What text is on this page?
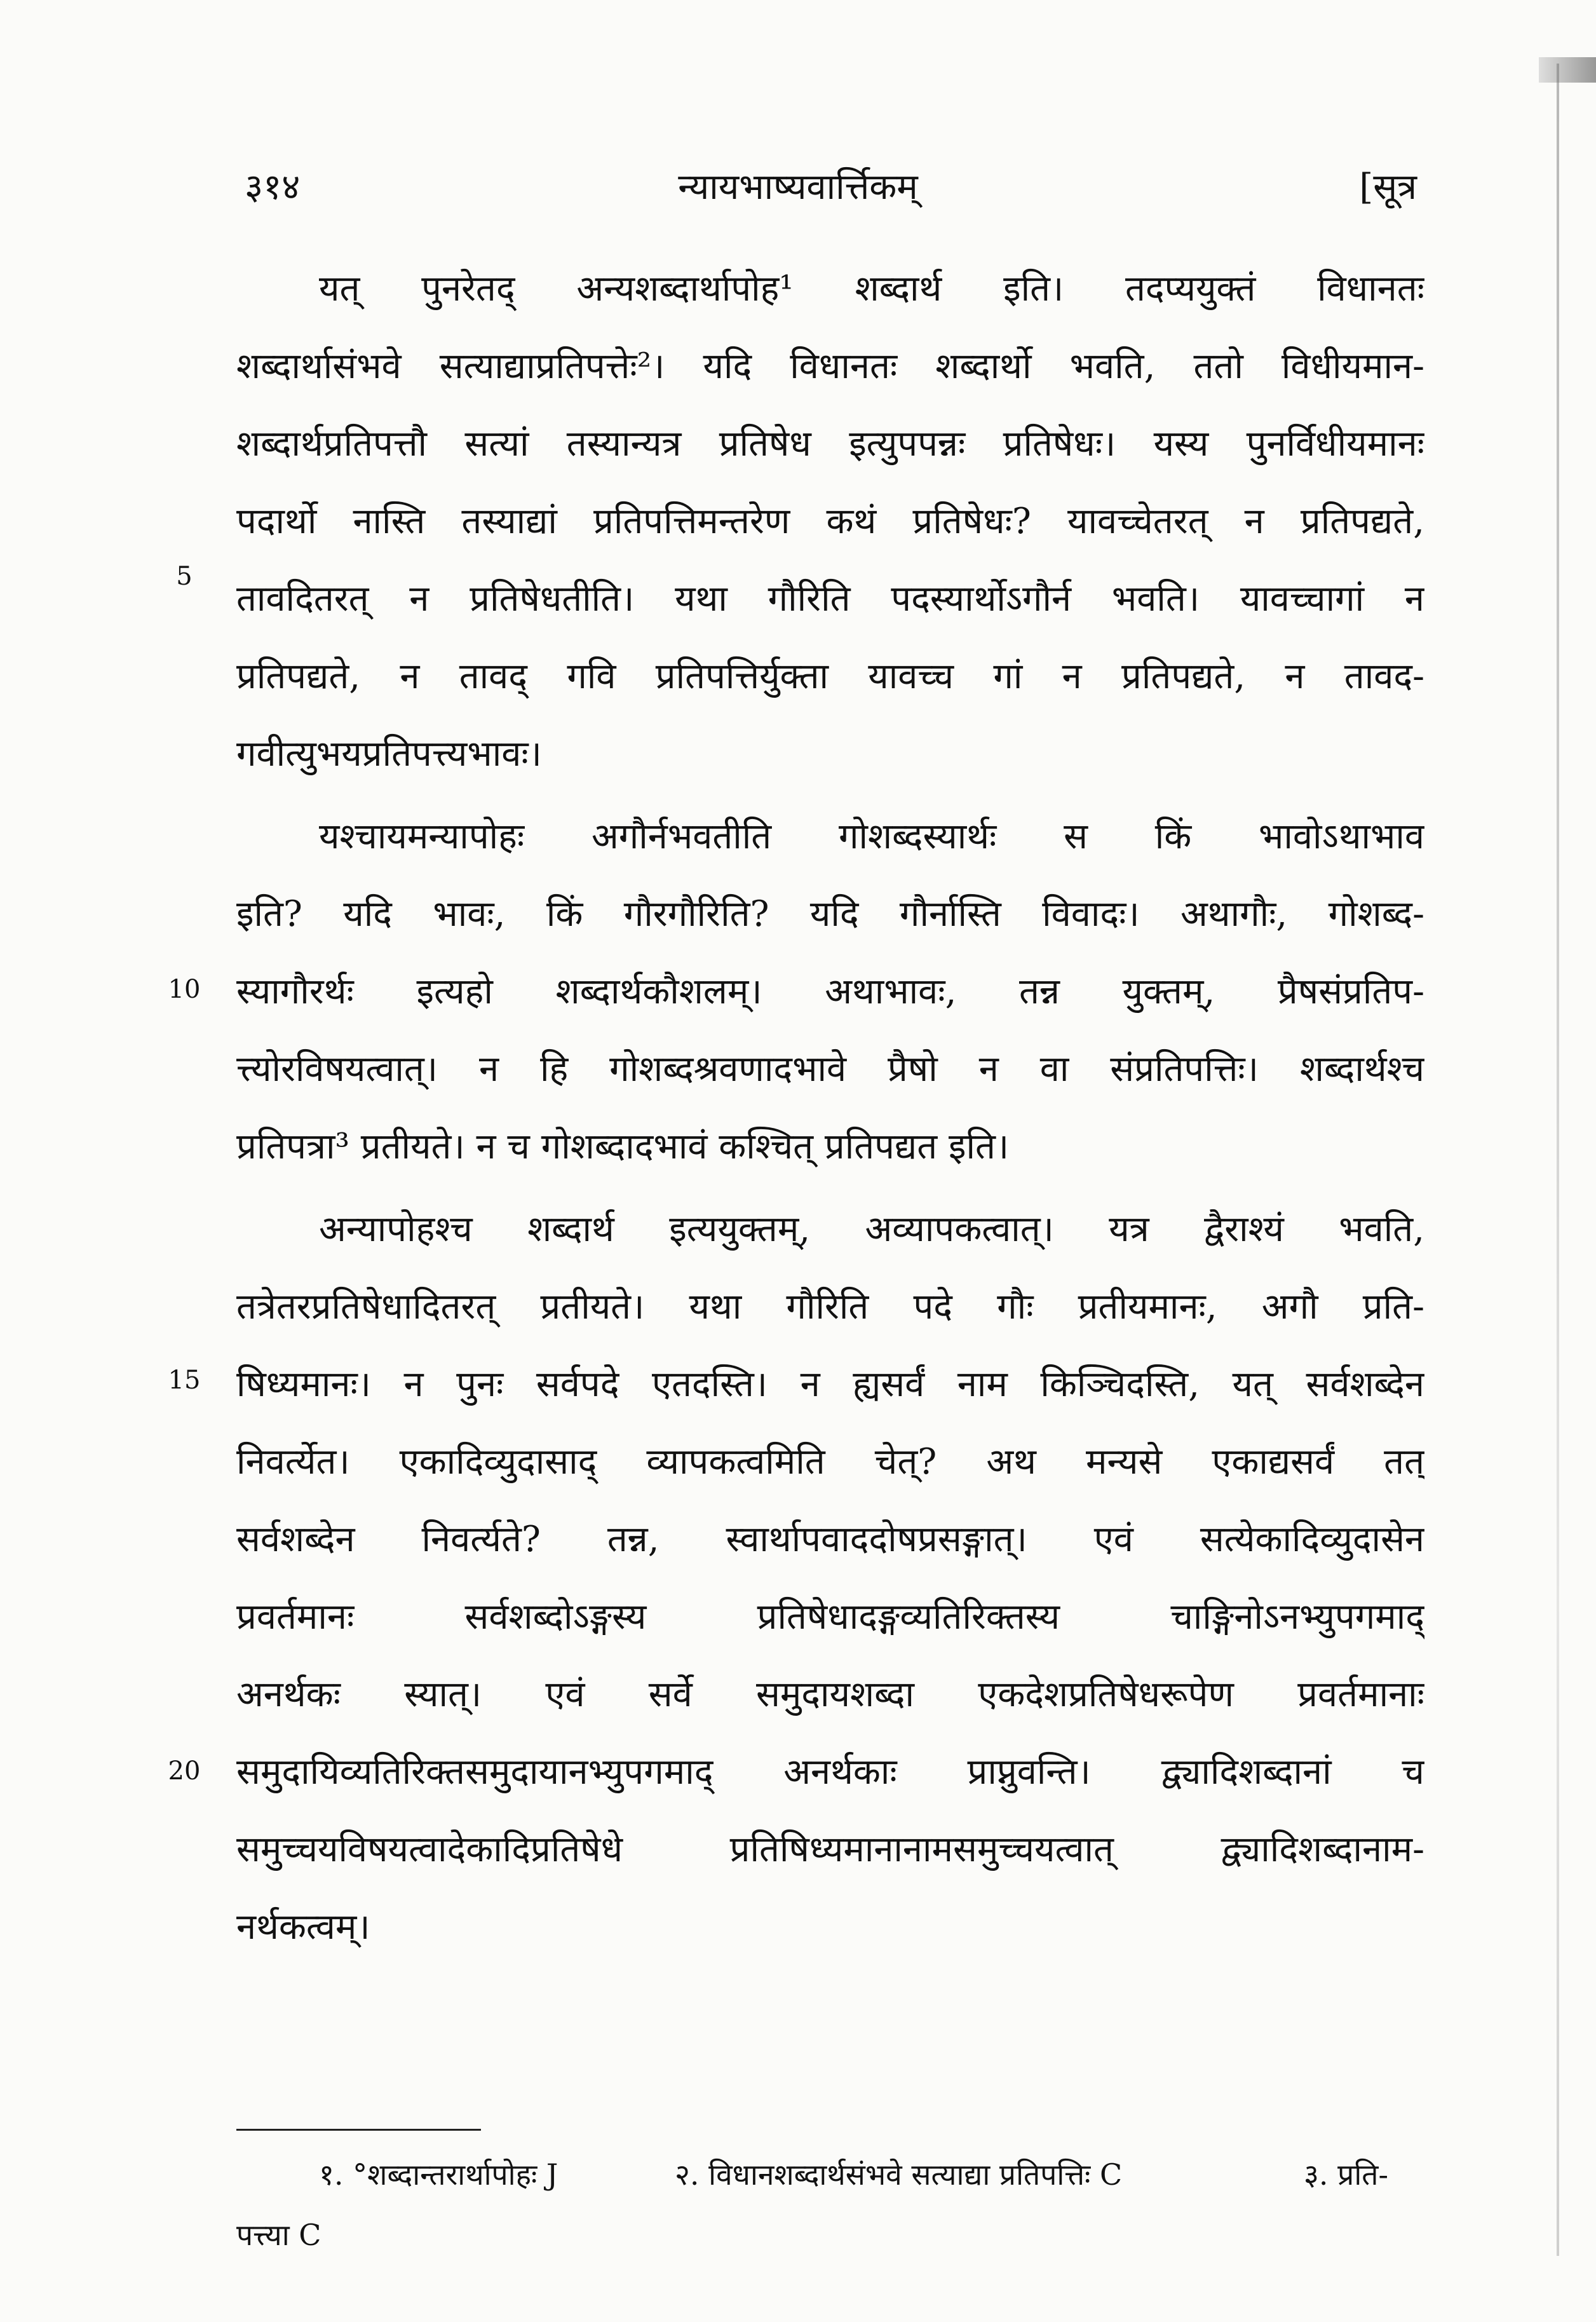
३१४	न्यायभाष्यवार्त्तिकम्	[सूत्र
5
10
15
20
यत् पुनरेतद् अन्यशब्दार्थापोह¹ शब्दार्थ इति। तदप्ययुक्तं विधानतः
शब्दार्थासंभवे सत्याद्याप्रतिपत्तेः²। यदि विधानतः शब्दार्थो भवति, ततो विधीयमान-
शब्दार्थप्रतिपत्तौ सत्यां तस्यान्यत्र प्रतिषेध इत्युपपन्नः प्रतिषेधः। यस्य पुनर्विधीयमानः
पदार्थो नास्ति तस्याद्यां प्रतिपत्तिमन्तरेण कथं प्रतिषेधः? यावच्चेतरत् न प्रतिपद्यते,
तावदितरत् न प्रतिषेधतीति। यथा गौरिति पदस्यार्थोऽगौर्न भवति। यावच्चागां न
प्रतिपद्यते, न तावद् गवि प्रतिपत्तिर्युक्ता यावच्च गां न प्रतिपद्यते, न तावद-
गवीत्युभयप्रतिपत्त्यभावः।
यश्चायमन्यापोहः अगौर्नभवतीति गोशब्दस्यार्थः स किं भावोऽथाभाव
इति? यदि भावः, किं गौरगौरिति? यदि गौर्नास्ति विवादः। अथागौः, गोशब्द-
स्यागौरर्थः इत्यहो शब्दार्थकौशलम्। अथाभावः, तन्न युक्तम्, प्रैषसंप्रतिप-
त्त्योरविषयत्वात्। न हि गोशब्दश्रवणादभावे प्रैषो न वा संप्रतिपत्तिः। शब्दार्थश्च
प्रतिपत्रा³ प्रतीयते। न च गोशब्दादभावं कश्चित् प्रतिपद्यत इति।
अन्यापोहश्च शब्दार्थ इत्ययुक्तम्, अव्यापकत्वात्। यत्र द्वैराश्यं भवति,
तत्रेतरप्रतिषेधादितरत् प्रतीयते। यथा गौरिति पदे गौः प्रतीयमानः, अगौ प्रति-
षिध्यमानः। न पुनः सर्वपदे एतदस्ति। न ह्यसर्वं नाम किञ्चिदस्ति, यत् सर्वशब्देन
निवर्त्येत। एकादिव्युदासाद् व्यापकत्वमिति चेत्? अथ मन्यसे एकाद्यसर्वं तत्
सर्वशब्देन निवर्त्यते? तन्न, स्वार्थापवाददोषप्रसङ्गात्। एवं सत्येकादिव्युदासेन
प्रवर्तमानः सर्वशब्दोऽङ्गस्य प्रतिषेधादङ्गव्यतिरिक्तस्य चाङ्गिनोऽनभ्युपगमाद्
अनर्थकः स्यात्। एवं सर्वे समुदायशब्दा एकदेशप्रतिषेधरूपेण प्रवर्तमानाः
समुदायिव्यतिरिक्तसमुदायानभ्युपगमाद् अनर्थकाः प्राप्नुवन्ति। द्व्यादिशब्दानां च
समुच्चयविषयत्वादेकादिप्रतिषेधे प्रतिषिध्यमानानामसमुच्चयत्वात् द्व्यादिशब्दानाम-
नर्थकत्वम्।
१. °शब्दान्तरार्थापोहः J	२. विधानशब्दार्थसंभवे सत्याद्या प्रतिपत्तिः C	३. प्रति-
पत्त्या C
